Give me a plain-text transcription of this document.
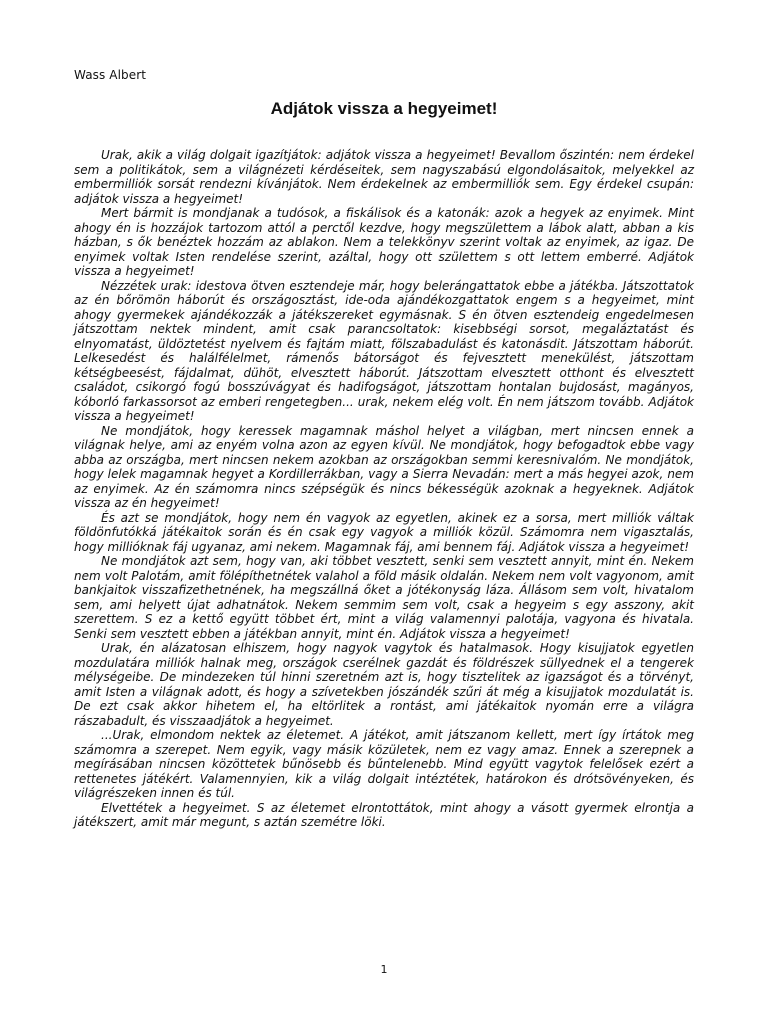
Wass Albert
Adjátok vissza a hegyeimet!

Urak, akik a világ dolgait igazítjátok: adjátok vissza a hegyeimet! Bevallom őszintén: nem érdekel sem a politikátok, sem a világnézeti kérdéseitek, sem nagyszabású elgondolásaitok, melyekkel az embermilliók sorsát rendezni kívánjátok. Nem érdekelnek az embermilliók sem. Egy érdekel csupán: adjátok vissza a hegyeimet!

Mert bármit is mondjanak a tudósok, a fiskálisok és a katonák: azok a hegyek az enyimek. Mint ahogy én is hozzájok tartozom attól a perctől kezdve, hogy megszülettem a lábok alatt, abban a kis házban, s ők benéztek hozzám az ablakon. Nem a telekkönyv szerint voltak az enyimek, az igaz. De enyimek voltak Isten rendelése szerint, azáltal, hogy ott születtem s ott lettem emberré. Adjátok vissza a hegyeimet!

Nézzétek urak: idestova ötven esztendeje már, hogy belerángattatok ebbe a játékba. Játszottatok az én bőrömön háborút és országosztást, ide-oda ajándékozgattatok engem s a hegyeimet, mint ahogy gyermekek ajándékozzák a játékszereket egymásnak. S én ötven esztendeig engedelmesen játszottam nektek mindent, amit csak parancsoltatok: kisebbségi sorsot, megaláztatást és elnyomatást, üldöztetést nyelvem és fajtám miatt, fölszabadulást és katonásdit. Játszottam háborút. Lelkesedést és halálfélelmet, rámenős bátorságot és fejvesztett menekülést, játszottam kétségbeesést, fájdalmat, dühöt, elvesztett háborút. Játszottam elvesztett otthont és elvesztett családot, csikorgó fogú bosszúvágyat és hadifogságot, játszottam hontalan bujdosást, magányos, kóborló farkassorsot az emberi rengetegben... urak, nekem elég volt. Én nem játszom tovább. Adjátok vissza a hegyeimet!

Ne mondjátok, hogy keressek magamnak máshol helyet a világban, mert nincsen ennek a világnak helye, ami az enyém volna azon az egyen kívül. Ne mondjátok, hogy befogadtok ebbe vagy abba az országba, mert nincsen nekem azokban az országokban semmi keresnivalóm. Ne mondjátok, hogy lelek magamnak hegyet a Kordillerrákban, vagy a Sierra Nevadán: mert a más hegyei azok, nem az enyimek. Az én számomra nincs szépségük és nincs békességük azoknak a hegyeknek. Adjátok vissza az én hegyeimet!

És azt se mondjátok, hogy nem én vagyok az egyetlen, akinek ez a sorsa, mert milliók váltak földönfutókká játékaitok során és én csak egy vagyok a milliók közül. Számomra nem vigasztalás, hogy millióknak fáj ugyanaz, ami nekem. Magamnak fáj, ami bennem fáj. Adjátok vissza a hegyeimet!

Ne mondjátok azt sem, hogy van, aki többet vesztett, senki sem vesztett annyit, mint én. Nekem nem volt Palotám, amit fölépíthetnétek valahol a föld másik oldalán. Nekem nem volt vagyonom, amit bankjaitok visszafizethetnének, ha megszállná őket a jótékonyság láza. Állásom sem volt, hivatalom sem, ami helyett újat adhatnátok. Nekem semmim sem volt, csak a hegyeim s egy asszony, akit szerettem. S ez a kettő együtt többet ért, mint a világ valamennyi palotája, vagyona és hivatala. Senki sem vesztett ebben a játékban annyit, mint én. Adjátok vissza a hegyeimet!

Urak, én alázatosan elhiszem, hogy nagyok vagytok és hatalmasok. Hogy kisujjatok egyetlen mozdulatára milliók halnak meg, országok cserélnek gazdát és földrészek süllyednek el a tengerek mélységeibe. De mindezeken túl hinni szeretném azt is, hogy tisztelitek az igazságot és a törvényt, amit Isten a világnak adott, és hogy a szívetekben jószándék szűri át még a kisujjatok mozdulatát is. De ezt csak akkor hihetem el, ha eltörlitek a rontást, ami játékaitok nyomán erre a világra rászabadult, és visszaadjátok a hegyeimet.

...Urak, elmondom nektek az életemet. A játékot, amit játszanom kellett, mert így írtátok meg számomra a szerepet. Nem egyik, vagy másik közületek, nem ez vagy amaz. Ennek a szerepnek a megírásában nincsen közöttetek bűnösebb és bűntelenebb. Mind együtt vagytok felelősek ezért a rettenetes játékért. Valamennyien, kik a világ dolgait intéztétek, határokon és drótsövényeken, és világrészeken innen és túl.

Elvettétek a hegyeimet. S az életemet elrontottátok, mint ahogy a vásott gyermek elrontja a játékszert, amit már megunt, s aztán szemétre löki.

1
